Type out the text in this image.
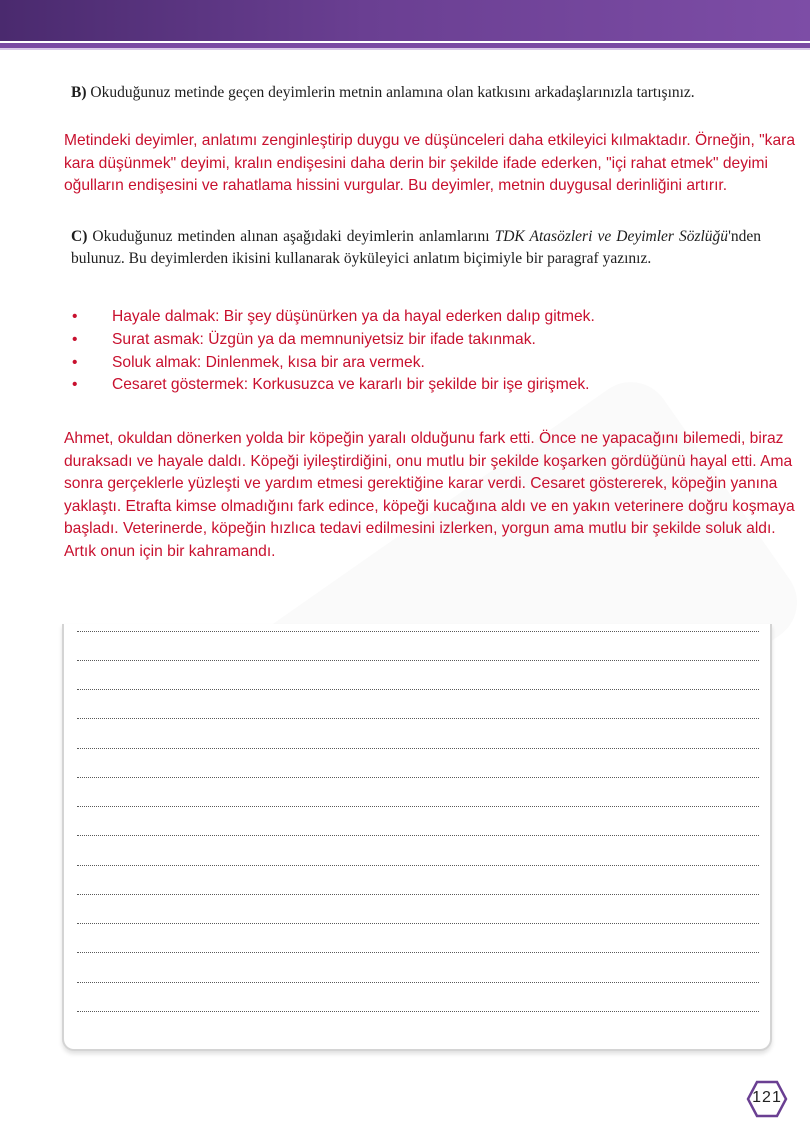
B) Okuduğunuz metinde geçen deyimlerin metnin anlamına olan katkısını arkadaşlarınızla tartışınız.
Metindeki deyimler, anlatımı zenginleştirip duygu ve düşünceleri daha etkileyici kılmaktadır. Örneğin, "kara kara düşünmek" deyimi, kralın endişesini daha derin bir şekilde ifade ederken, "içi rahat etmek" deyimi oğulların endişesini ve rahatlama hissini vurgular. Bu deyimler, metnin duygusal derinliğini artırır.
C) Okuduğunuz metinden alınan aşağıdaki deyimlerin anlamlarını TDK Atasözleri ve Deyimler Sözlüğü'nden bulunuz. Bu deyimlerden ikisini kullanarak öyküleyici anlatım biçimiyle bir paragraf yazınız.
• Hayale dalmak: Bir şey düşünürken ya da hayal ederken dalıp gitmek.
• Surat asmak: Üzgün ya da memnuniyetsiz bir ifade takınmak.
• Soluk almak: Dinlenmek, kısa bir ara vermek.
• Cesaret göstermek: Korkusuzca ve kararlı bir şekilde bir işe girişmek.
Ahmet, okuldan dönerken yolda bir köpeğin yaralı olduğunu fark etti. Önce ne yapacağını bilemedi, biraz duraksadı ve hayale daldı. Köpeği iyileştirdiğini, onu mutlu bir şekilde koşarken gördüğünü hayal etti. Ama sonra gerçeklerle yüzleşti ve yardım etmesi gerektiğine karar verdi. Cesaret göstererek, köpeğin yanına yaklaştı. Etrafta kimse olmadığını fark edince, köpeği kucağına aldı ve en yakın veterinere doğru koşmaya başladı. Veterinerde, köpeğin hızlıca tedavi edilmesini izlerken, yorgun ama mutlu bir şekilde soluk aldı. Artık onun için bir kahramandı.
121
